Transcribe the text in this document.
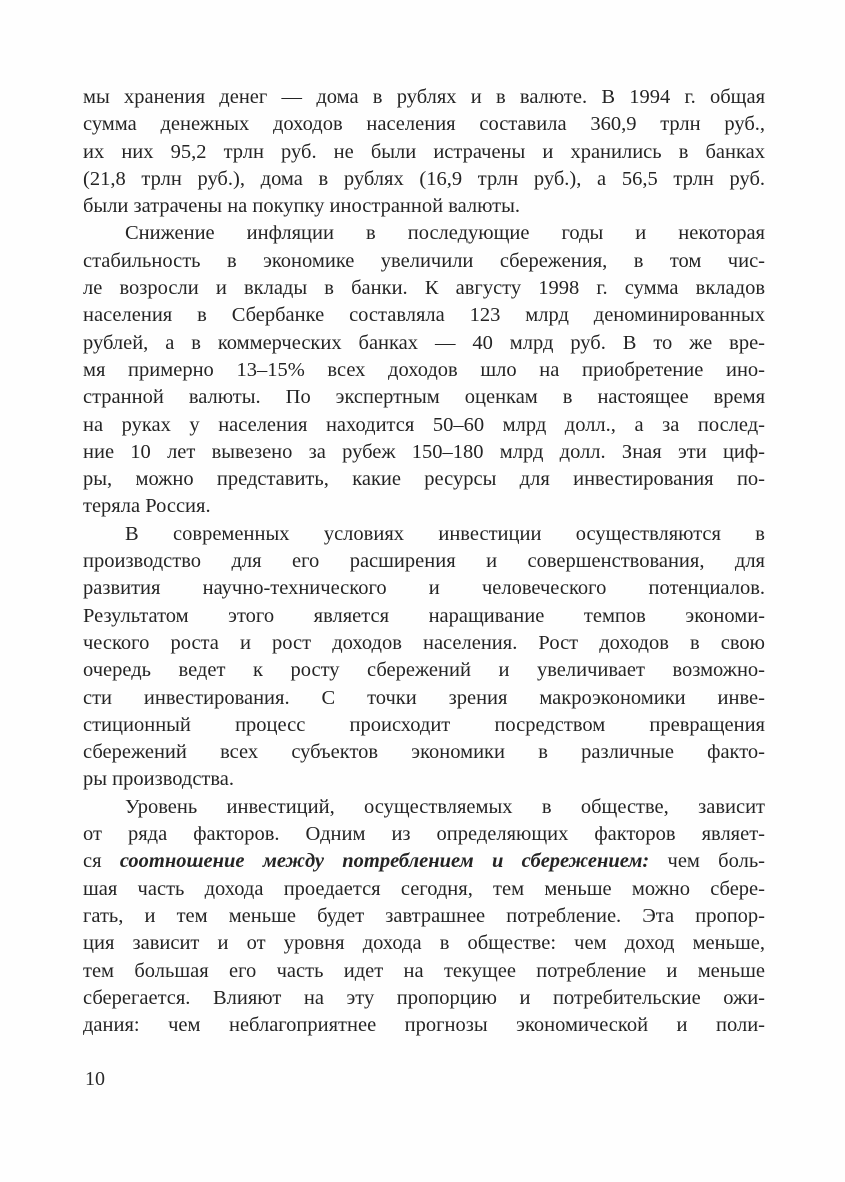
мы хранения денег — дома в рублях и в валюте. В 1994 г. общая
сумма денежных доходов населения составила 360,9 трлн руб.,
их них 95,2 трлн руб. не были истрачены и хранились в банках
(21,8 трлн руб.), дома в рублях (16,9 трлн руб.), а 56,5 трлн руб.
были затрачены на покупку иностранной валюты.
Снижение инфляции в последующие годы и некоторая
стабильность в экономике увеличили сбережения, в том чис-
ле возросли и вклады в банки. К августу 1998 г. сумма вкладов
населения в Сбербанке составляла 123 млрд деноминированных
рублей, а в коммерческих банках — 40 млрд руб. В то же вре-
мя примерно 13–15% всех доходов шло на приобретение ино-
странной валюты. По экспертным оценкам в настоящее время
на руках у населения находится 50–60 млрд долл., а за послед-
ние 10 лет вывезено за рубеж 150–180 млрд долл. Зная эти циф-
ры, можно представить, какие ресурсы для инвестирования по-
теряла Россия.
В современных условиях инвестиции осуществляются в
производство для его расширения и совершенствования, для
развития научно-технического и человеческого потенциалов.
Результатом этого является наращивание темпов экономи-
ческого роста и рост доходов населения. Рост доходов в свою
очередь ведет к росту сбережений и увеличивает возможно-
сти инвестирования. С точки зрения макроэкономики инве-
стиционный процесс происходит посредством превращения
сбережений всех субъектов экономики в различные факто-
ры производства.
Уровень инвестиций, осуществляемых в обществе, зависит
от ряда факторов. Одним из определяющих факторов являет-
ся соотношение между потреблением и сбережением: чем боль-
шая часть дохода проедается сегодня, тем меньше можно сбере-
гать, и тем меньше будет завтрашнее потребление. Эта пропор-
ция зависит и от уровня дохода в обществе: чем доход меньше,
тем большая его часть идет на текущее потребление и меньше
сберегается. Влияют на эту пропорцию и потребительские ожи-
дания: чем неблагоприятнее прогнозы экономической и поли-
10
